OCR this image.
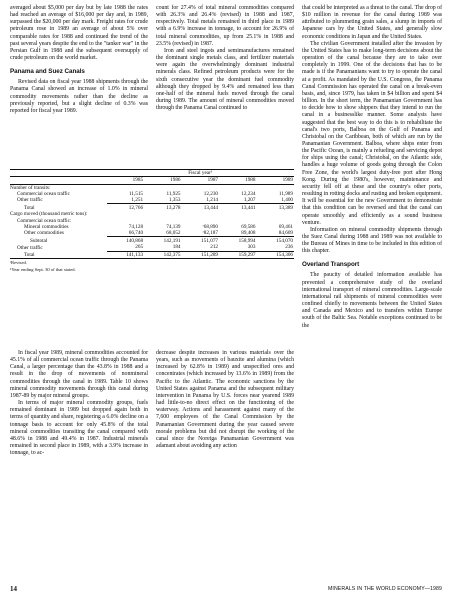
averaged about $5,000 per day but by late 1988 the rates had reached an average of $16,000 per day and, in 1989, surpassed the $20,000 per day mark. Freight rates for crude petroleum rose in 1989 an average of about 5% over comparable rates for 1988 and continued the trend of the past several years despite the end to the "tanker war" in the Persian Gulf in 1988 and the subsequent oversupply of crude petroleum on the world market.

Panama and Suez Canals

Revised data on fiscal year 1988 shipments through the Panama Canal showed an increase of 1.0% in mineral commodity movements rather than the decline as previously reported, but a slight decline of 0.3% was reported for fiscal year 1989.

count for 27.4% of total mineral commodities compared with 26.3% and 26.4% (revised) in 1988 and 1987, respectively. Total metals remained in third place in 1989 with a 6.9% increase in tonnage, to account for 26.9% of total mineral commodities, up from 25.1% in 1988 and 23.5% (revised) in 1987.

Iron and steel ingots and semimanufactures remained the dominant single metals class, and fertilizer materials were again the overwhelmingly dominant industrial minerals class. Refined petroleum products were for the sixth consecutive year the dominant fuel commodity although they dropped by 9.4% and remained less than one-half of the mineral fuels moved through the canal during 1989. The amount of mineral commodities moved through the Panama Canal continued to

that could be interpreted as a threat to the canal. The drop of $10 million in revenue for the canal during 1989 was attributed to plummeting grain sales, a slump in imports of Japanese cars by the United States, and generally slow economic conditions in Japan and the United States.

The civilian Government installed after the invasion by the United States has to make long-term decisions about the operation of the canal because they are to take over completely in 1999. One of the decisions that has to be made is if the Panamanians want to try to operate the canal at a profit. As mandated by the U.S. Congress, the Panama Canal Commission has operated the canal on a break-even basis, and, since 1979, has taken in $4 billion and spent $4 billion. In the short term, the Panamanian Government has to decide how to show shippers that they intend to run the canal in a businesslike manner. Some analysts have suggested that the best way to do this is to rehabilitate the canal's two ports, Balboa on the Gulf of Panama and Christobal on the Caribbean, both of which are run by the Panamanian Government. Balboa, where ships enter from the Pacific Ocean, is mainly a refueling and servicing depot for ships using the canal; Christobal, on the Atlantic side, handles a huge volume of goods going through the Colon Free Zone, the world's largest duty-free port after Hong Kong. During the 1980's, however, maintenance and security fell off at these and the country's other ports, resulting in rotting docks and rusting and broken equipment. It will be essential for the new Government to demonstrate that this condition can be reversed and that the canal can operate smoothly and efficiently as a sound business venture.

Information on mineral commodity shipments through the Suez Canal during 1988 and 1989 was not available to the Bureau of Mines in time to be included in this edition of this chapter.

Overland Transport

The paucity of detailed information available has prevented a comprehensive study of the overland international transport of mineral commodities. Large-scale international rail shipments of mineral commodities were confined chiefly to movements between the United States and Canada and Mexico and to transfers within Europe south of the Baltic Sea. Notable exceptions continued to be the

	Fiscal year¹				
	1985	1986	1987	1988	1989
Number of transits:					
Commercial ocean traffic	11,515	11,925	12,230	12,234	11,989
Other traffic	1,251	1,353	1,214	1,207	1,400
Total	12,766	13,278	13,444	13,441	13,389
Cargo moved (thousand metric tons):					
Commercial ocean traffic:					
Mineral commodities	74,128	74,139	ʳ68,890	69,586	69,461
Other commodities	66,740	68,052	ʳ82,187	89,408	84,609
Subtotal	140,868	142,191	151,077	158,994	154,070
Other traffic	265	184	212	303	236
Total	141,133	142,375	151,289	159,297	154,306
ʳRevised.
¹Year ending Sept. 30 of that stated.

In fiscal year 1989, mineral commodities accounted for 45.1% of all commercial ocean traffic through the Panama Canal, a larger percentage than the 43.8% in 1988 and a result in the drop of movements of nonmineral commodities through the canal in 1989. Table 10 shows mineral commodity movements through this canal during 1987-89 by major mineral groups.

In terms of major mineral commodity groups, fuels remained dominant in 1989 but dropped again both in terms of quantity and share, registering a 6.0% decline on a tonnage basis to account for only 45.8% of the total mineral commodities transiting the canal compared with 48.6% in 1988 and 49.4% in 1987. Industrial minerals remained in second place in 1989, with a 3.9% increase in tonnage, to ac-

decrease despite increases in various materials over the years, such as movements of bauxite and alumina (which increased by 62.8% in 1989) and unspecified ores and concentrates (which increased by 13.6% in 1989) from the Pacific to the Atlantic. The economic sanctions by the United States against Panama and the subsequent military intervention in Panama by U.S. forces near yearend 1989 had little-to-no direct effect on the functioning of the waterway. Actions and harassment against many of the 7,600 employees of the Canal Commission by the Panamanian Government during the year caused severe morale problems but did not disrupt the working of the canal since the Noreiga Panamanian Government was adamant about avoiding any action

14	MINERALS IN THE WORLD ECONOMY—1989
